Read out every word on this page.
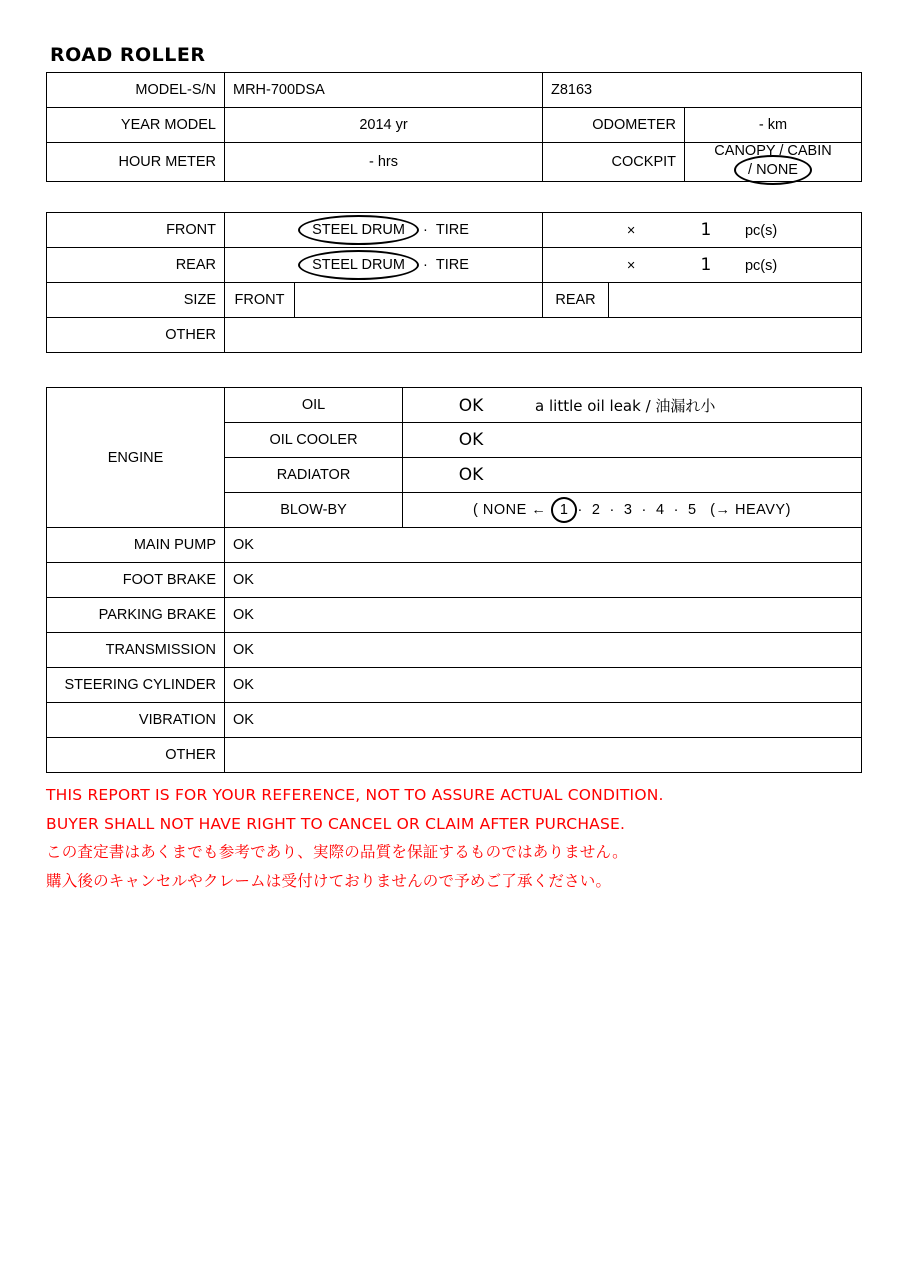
ROAD ROLLER
MODEL-S/N	MRH-700DSA	Z8163	
YEAR MODEL	2014 yr	ODOMETER	- km
HOUR METER	- hrs	COCKPIT	CANOPY / CABIN / NONE
FRONT	STEEL DRUM · TIRE		× 1 pc(s)	
REAR	STEEL DRUM · TIRE		× 1 pc(s)	
SIZE	FRONT		REAR	
OTHER				
ENGINE	OIL	OK a little oil leak / 油漏れ小
	OIL COOLER	OK
	RADIATOR	OK
	BLOW-BY	( NONE ← 1 · 2 · 3 · 4 · 5 (→ HEAVY)
MAIN PUMP	OK	
FOOT BRAKE	OK	
PARKING BRAKE	OK	
TRANSMISSION	OK	
STEERING CYLINDER	OK	
VIBRATION	OK	
OTHER		
THIS REPORT IS FOR YOUR REFERENCE, NOT TO ASSURE ACTUAL CONDITION.
BUYER SHALL NOT HAVE RIGHT TO CANCEL OR CLAIM AFTER PURCHASE.
この査定書はあくまでも参考であり、実際の品質を保証するものではありません。
購入後のキャンセルやクレームは受付けておりませんので予めご了承ください。
